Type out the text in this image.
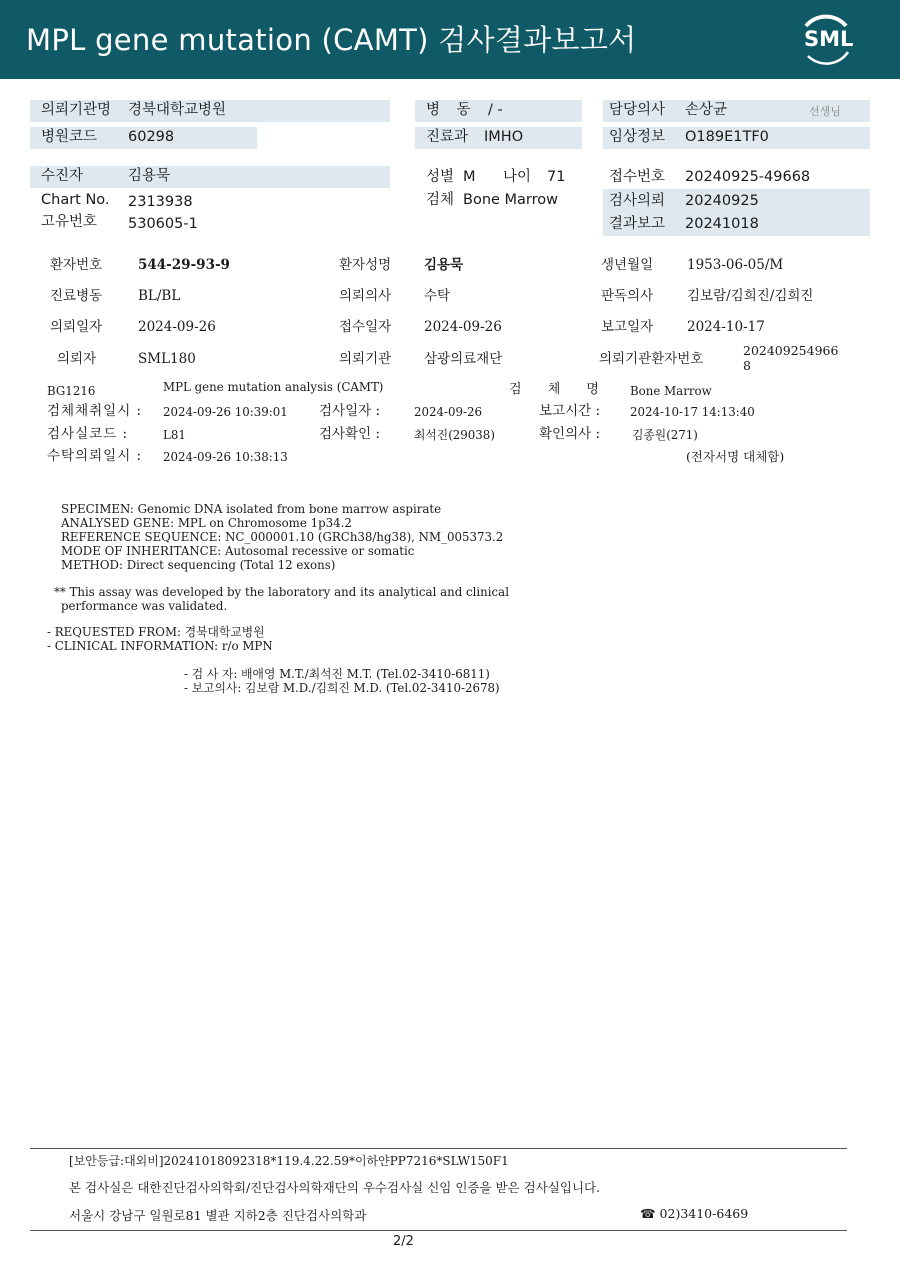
MPL gene mutation (CAMT) 검사결과보고서	SML
의뢰기관명 경북대학교병원	병 동 / -	담당의사 손상균	선생님
병원코드 60298	진료과 IMHO	임상정보 O189E1TF0
수진자	김용묵	성별 M 나이 71	접수번호 20240925-49668
Chart No. 2313938	검체 Bone Marrow	검사의뢰 20240925
고유번호 530605-1	결과보고 20241018
환자번호	544-29-93-9	환자성명 김용묵	생년월일	1953-06-05/M
진료병동	BL/BL	의뢰의사 수탁	판독의사	김보람/김희진/김희진
의뢰일자	2024-09-26	접수일자 2024-09-26	보고일자	2024-10-17
의뢰자	SML180	의뢰기관 삼광의료재단	의뢰기관환자번호
202409254966
8
BG1216	MPL gene mutation analysis (CAMT)	검 체 명 Bone Marrow
검체채취일시 : 2024-09-26 10:39:01 검사일자 :	2024-09-26	보고시간 :	2024-10-17 14:13:40
검사실코드 :	L81	검사확인 :	최석진(29038)	확인의사 :	김종원(271)
수탁의뢰일시 : 2024-09-26 10:38:13	(전자서명 대체함)
SPECIMEN: Genomic DNA isolated from bone marrow aspirate
ANALYSED GENE: MPL on Chromosome 1p34.2
REFERENCE SEQUENCE: NC_000001.10 (GRCh38/hg38), NM_005373.2
MODE OF INHERITANCE: Autosomal recessive or somatic
METHOD: Direct sequencing (Total 12 exons)
** This assay was developed by the laboratory and its analytical and clinical
performance was validated.
- REQUESTED FROM: 경북대학교병원
- CLINICAL INFORMATION: r/o MPN
- 검 사 자: 배애영 M.T./최석진 M.T. (Tel.02-3410-6811)
- 보고의사: 김보람 M.D./김희진 M.D. (Tel.02-3410-2678)
[보안등급:대외비]20241018092318*119.4.22.59*이하얀PP7216*SLW150F1
본 검사실은 대한진단검사의학회/진단검사의학재단의 우수검사실 신임 인증을 받은 검사실입니다.
서울시 강남구 일원로81 별관 지하2층 진단검사의학과	☎ 02)3410-6469
2/2
